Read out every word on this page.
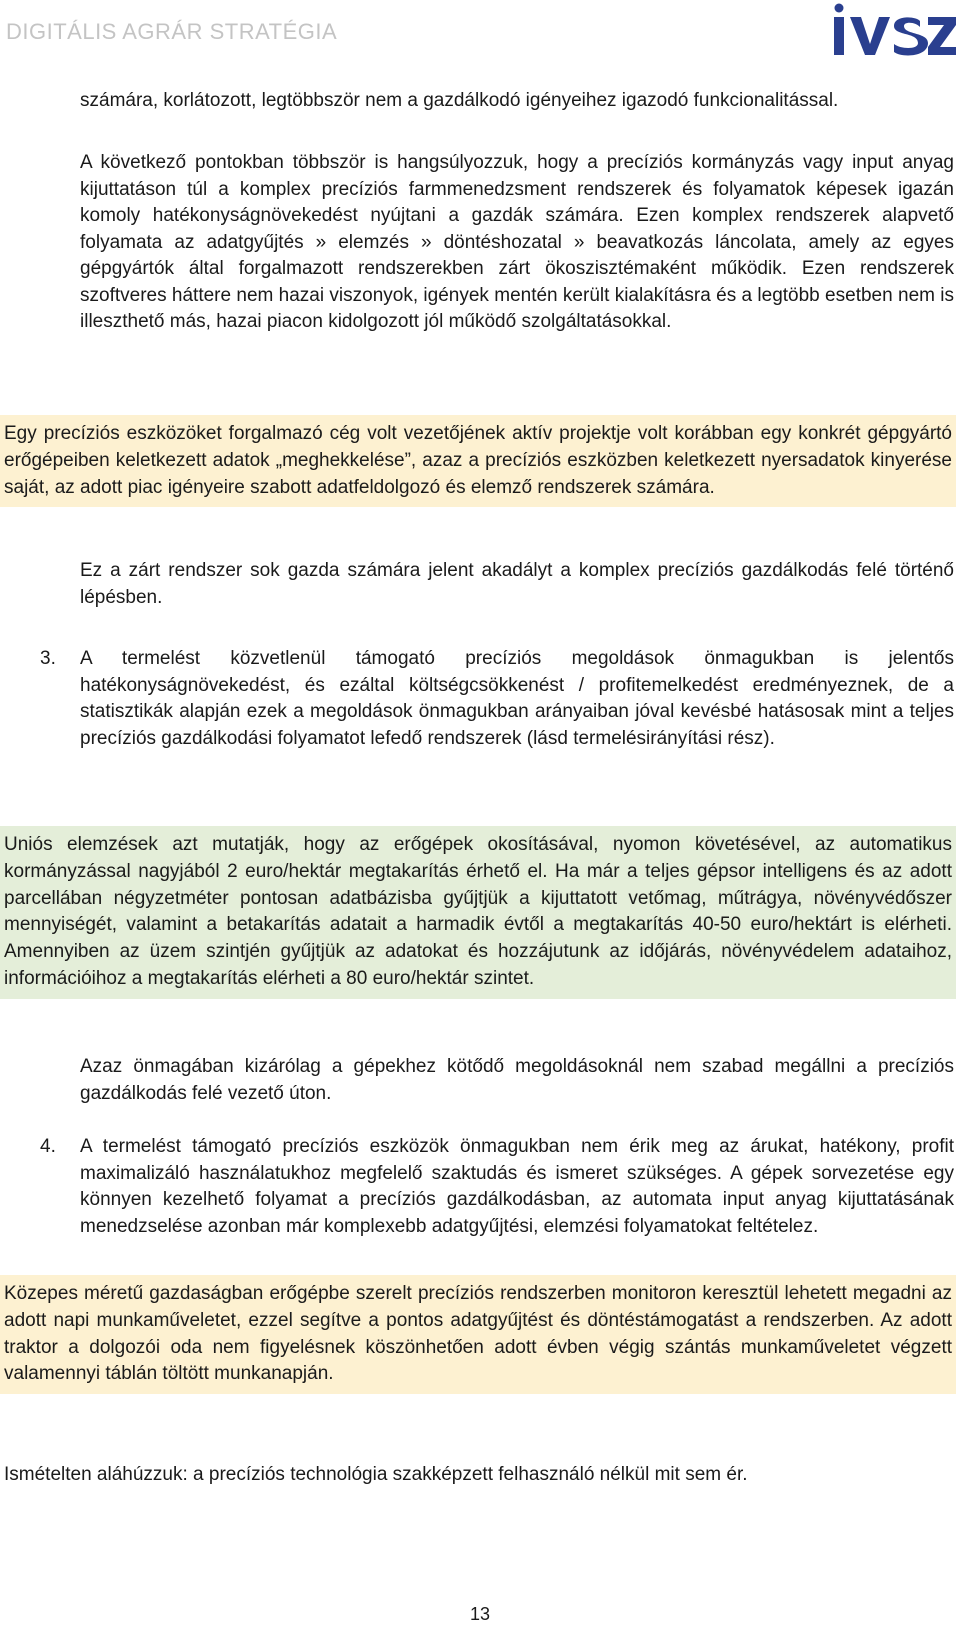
DIGITÁLIS AGRÁR STRATÉGIA

számára, korlátozott, legtöbbször nem a gazdálkodó igényeihez igazodó funkcionalitással.

A következő pontokban többször is hangsúlyozzuk, hogy a precíziós kormányzás vagy input anyag kijuttatáson túl a komplex precíziós farmmenedzsment rendszerek és folyamatok képesek igazán komoly hatékonyságnövekedést nyújtani a gazdák számára. Ezen komplex rendszerek alapvető folyamata az adatgyűjtés » elemzés » döntéshozatal » beavatkozás láncolata, amely az egyes gépgyártók által forgalmazott rendszerekben zárt ökoszisztémaként működik. Ezen rendszerek szoftveres háttere nem hazai viszonyok, igények mentén került kialakításra és a legtöbb esetben nem is illeszthető más, hazai piacon kidolgozott jól működő szolgáltatásokkal.

Egy precíziós eszközöket forgalmazó cég volt vezetőjének aktív projektje volt korábban egy konkrét gépgyártó erőgépeiben keletkezett adatok „meghekkelése”, azaz a precíziós eszközben keletkezett nyersadatok kinyerése saját, az adott piac igényeire szabott adatfeldolgozó és elemző rendszerek számára.

Ez a zárt rendszer sok gazda számára jelent akadályt a komplex precíziós gazdálkodás felé történő lépésben.

3.	A termelést közvetlenül támogató precíziós megoldások önmagukban is jelentős hatékonyságnövekedést, és ezáltal költségcsökkenést / profitemelkedést eredményeznek, de a statisztikák alapján ezek a megoldások önmagukban arányaiban jóval kevésbé hatásosak mint a teljes precíziós gazdálkodási folyamatot lefedő rendszerek (lásd termelésirányítási rész).

Uniós elemzések azt mutatják, hogy az erőgépek okosításával, nyomon követésével, az automatikus kormányzással nagyjából 2 euro/hektár megtakarítás érhető el. Ha már a teljes gépsor intelligens és az adott parcellában négyzetméter pontosan adatbázisba gyűjtjük a kijuttatott vetőmag, műtrágya, növényvédőszer mennyiségét, valamint a betakarítás adatait a harmadik évtől a megtakarítás 40-50 euro/hektárt is elérheti. Amennyiben az üzem szintjén gyűjtjük az adatokat és hozzájutunk az időjárás, növényvédelem adataihoz, információihoz a megtakarítás elérheti a 80 euro/hektár szintet.

Azaz önmagában kizárólag a gépekhez kötődő megoldásoknál nem szabad megállni a precíziós gazdálkodás felé vezető úton.

4.	A termelést támogató precíziós eszközök önmagukban nem érik meg az árukat, hatékony, profit maximalizáló használatukhoz megfelelő szaktudás és ismeret szükséges. A gépek sorvezetése egy könnyen kezelhető folyamat a precíziós gazdálkodásban, az automata input anyag kijuttatásának menedzselése azonban már komplexebb adatgyűjtési, elemzési folyamatokat feltételez.

Közepes méretű gazdaságban erőgépbe szerelt precíziós rendszerben monitoron keresztül lehetett megadni az adott napi munkaműveletet, ezzel segítve a pontos adatgyűjtést és döntéstámogatást a rendszerben. Az adott traktor a dolgozói oda nem figyelésnek köszönhetően adott évben végig szántás munkaműveletet végzett valamennyi táblán töltött munkanapján.

Ismételten aláhúzzuk: a precíziós technológia szakképzett felhasználó nélkül mit sem ér.

13
